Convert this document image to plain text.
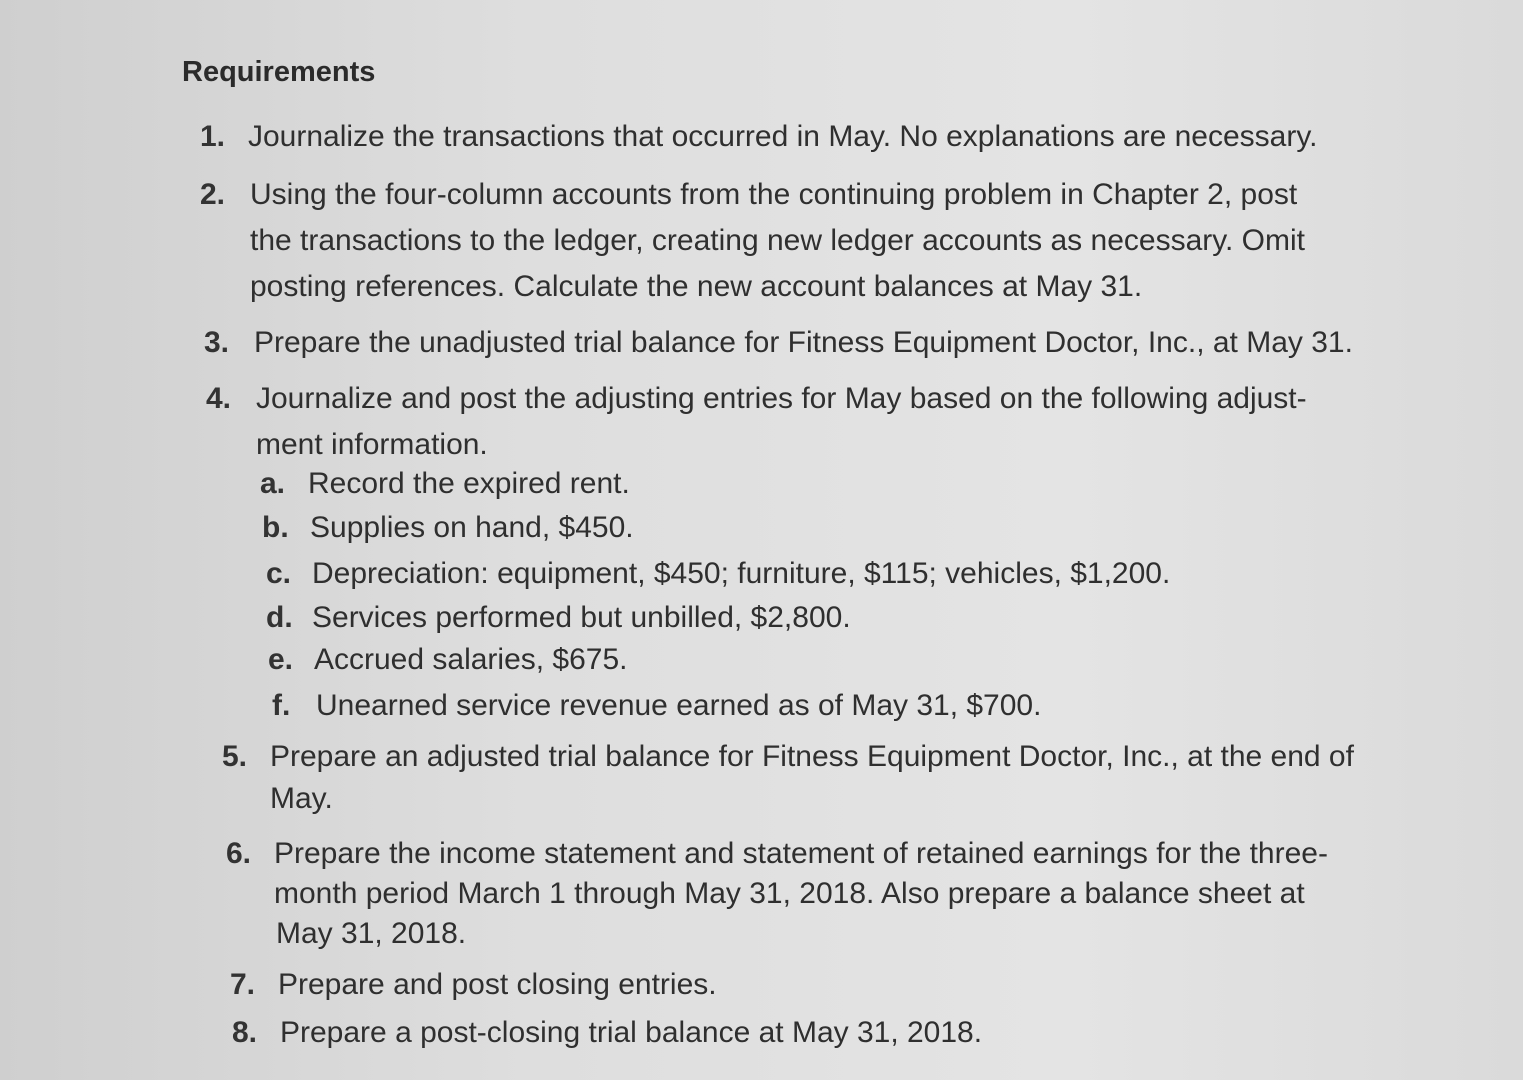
Requirements
1. Journalize the transactions that occurred in May. No explanations are necessary.
2. Using the four-column accounts from the continuing problem in Chapter 2, post
the transactions to the ledger, creating new ledger accounts as necessary. Omit
posting references. Calculate the new account balances at May 31.
3. Prepare the unadjusted trial balance for Fitness Equipment Doctor, Inc., at May 31.
4. Journalize and post the adjusting entries for May based on the following adjust-
ment information.
a. Record the expired rent.
b. Supplies on hand, $450.
c. Depreciation: equipment, $450; furniture, $115; vehicles, $1,200.
d. Services performed but unbilled, $2,800.
e. Accrued salaries, $675.
f. Unearned service revenue earned as of May 31, $700.
5. Prepare an adjusted trial balance for Fitness Equipment Doctor, Inc., at the end of
May.
6. Prepare the income statement and statement of retained earnings for the three-
month period March 1 through May 31, 2018. Also prepare a balance sheet at
May 31, 2018.
7. Prepare and post closing entries.
8. Prepare a post-closing trial balance at May 31, 2018.
